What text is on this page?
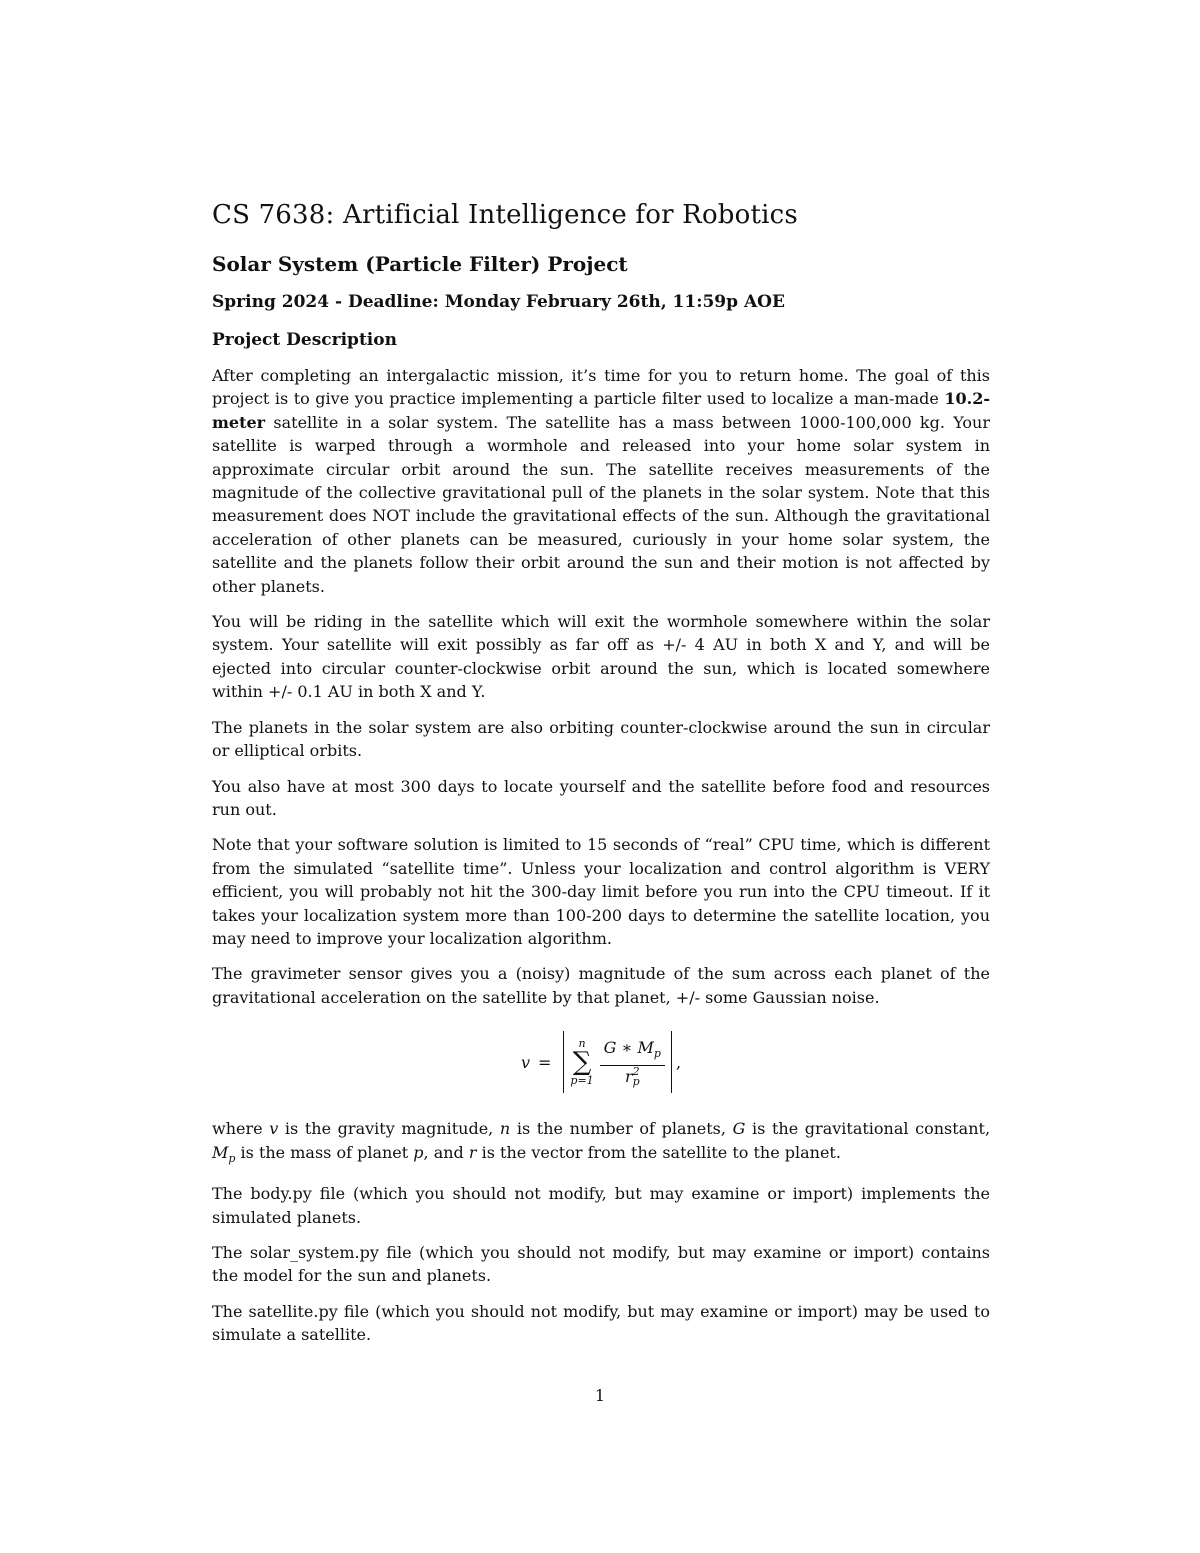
CS 7638: Artificial Intelligence for Robotics
Solar System (Particle Filter) Project
Spring 2024 - Deadline: Monday February 26th, 11:59p AOE
Project Description

After completing an intergalactic mission, it’s time for you to return home. The goal of this project is to give you practice implementing a particle filter used to localize a man-made 10.2-meter satellite in a solar system. The satellite has a mass between 1000-100,000 kg. Your satellite is warped through a wormhole and released into your home solar system in approximate circular orbit around the sun. The satellite receives measurements of the magnitude of the collective gravitational pull of the planets in the solar system. Note that this measurement does NOT include the gravitational effects of the sun. Although the gravitational acceleration of other planets can be measured, curiously in your home solar system, the satellite and the planets follow their orbit around the sun and their motion is not affected by other planets.

You will be riding in the satellite which will exit the wormhole somewhere within the solar system. Your satellite will exit possibly as far off as +/- 4 AU in both X and Y, and will be ejected into circular counter-clockwise orbit around the sun, which is located somewhere within +/- 0.1 AU in both X and Y.

The planets in the solar system are also orbiting counter-clockwise around the sun in circular or elliptical orbits.

You also have at most 300 days to locate yourself and the satellite before food and resources run out.

Note that your software solution is limited to 15 seconds of “real” CPU time, which is different from the simulated “satellite time”. Unless your localization and control algorithm is VERY efficient, you will probably not hit the 300-day limit before you run into the CPU timeout. If it takes your localization system more than 100-200 days to determine the satellite location, you may need to improve your localization algorithm.

The gravimeter sensor gives you a (noisy) magnitude of the sum across each planet of the gravitational acceleration on the satellite by that planet, +/- some Gaussian noise.

v =
n
∑
p=1 G ∗ $M_p$
r 2
p ,

where v is the gravity magnitude, n is the number of planets, G is the gravitational constant, $M_p$ is the mass of planet p, and r is the vector from the satellite to the planet.

The body.py file (which you should not modify, but may examine or import) implements the simulated planets.

The solar_system.py file (which you should not modify, but may examine or import) contains the model for the sun and planets.

The satellite.py file (which you should not modify, but may examine or import) may be used to simulate a satellite.

1
